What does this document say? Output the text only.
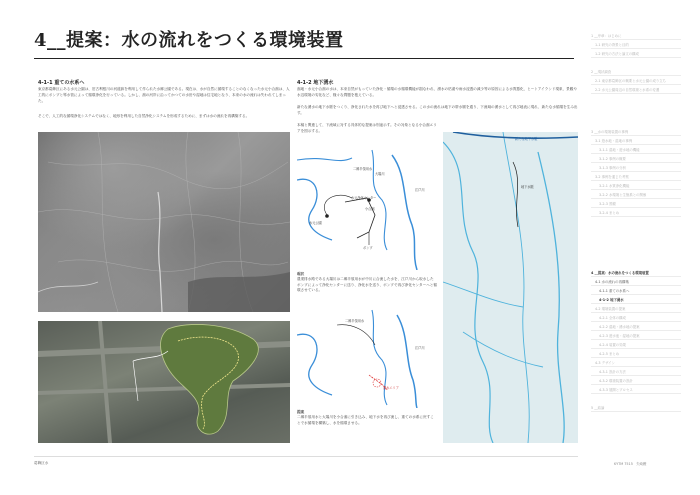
4__提案：水の流れをつくる環境装置
4-1-1 重ての水系へ
東京都葛飾区にある水元公園は、旧古利根川の河道跡を利用して作られた水郷公園である。現在は、水が自然に循環することのなくなった水元小合溜は、人工的にポンプと導水管によって循環浄化を行っている。しかし、溜の河岸に沿ってかつての水田や湿地は住宅地となり、本来の水の流れは失われてしまった。
そこで、人工的な循環浄化システムではなく、地形を利用した自然浄化システムを形成するために、まずは水の流れを再構築する。
4-1-2 地下湧水
溜地・水元小合溜の水は、本来自然がもっていた浄化・循環の水循環機能が損なわれ、湧水の枯渇や雨水浸透の減少等の原因による水質悪化、ヒートアイランド現象、景観や水辺環境の劣化など、様々な問題を抱えている。
新たな湧水の地下水脈をつくり、浄化された水を再び地下へと浸透させる。この水の流れは地下の帯水層を通り、下流域の湧水として再び地表に現れ、新たな水循環を生み出す。
本稿と関連して、下流域に対する具体的な提案は別途示す。その対象となる小合溜エリアを図示する。
二郷半領用水
大場川
江戸川
水元浄化センター
水元公園
小合溜
ポンプ
現状
農業排水路である大場川は二郷半領用水が中川に合流した水を、江戸川から取水したポンプによって浄化センターに送り、浄化水を送り、ポンプで再び浄化センターへと循環させている。
二郷半領用水
江戸川
湧水エリア
提案
二郷半領用水と大場川を小合溜に引き込み、地下水を再び流し、重ての水系に戻すことで水循環を構築し、水を循環させる。
新たな地下水脈
地下水脈
1 __序章：はじめに
1-1 研究の背景と目的
1-2 研究の方法と論文の構成
2 __現状調査
2-1 東京都葛飾区の概要と水元公園の成り立ち
2-2 水元公園周辺の自然環境と水系の変遷
3 __水の環境装置の事例
3-1 遊水地・湿地の事例
3-1-1 湿地・遊水地の機能
3-1-2 事例の概要
3-1-3 事例の分析
3-2 事例を通じた考察
3-2-1 水質浄化機能
3-2-2 水環境と生態系との関係
3-2-3 景観
3-2-4 まとめ
4 __提案：水の流れをつくる環境装置
4-1 水の流れの再構築
4-1-1 重ての水系へ
4-1-2 地下湧水
4-2 環境装置の提案
4-2-1 全体の構成
4-2-2 湿地・湧水地の提案
4-2-3 遊水池・湿地の提案
4-2-4 装置の効果
4-2-5 まとめ
4-3 デザイン
4-3-1 設計の方法
4-3-2 環境装置の設計
4-3-3 展開とプロセス
5 __結論
葛飾区水	KYTM 7515　矢崎瞭
